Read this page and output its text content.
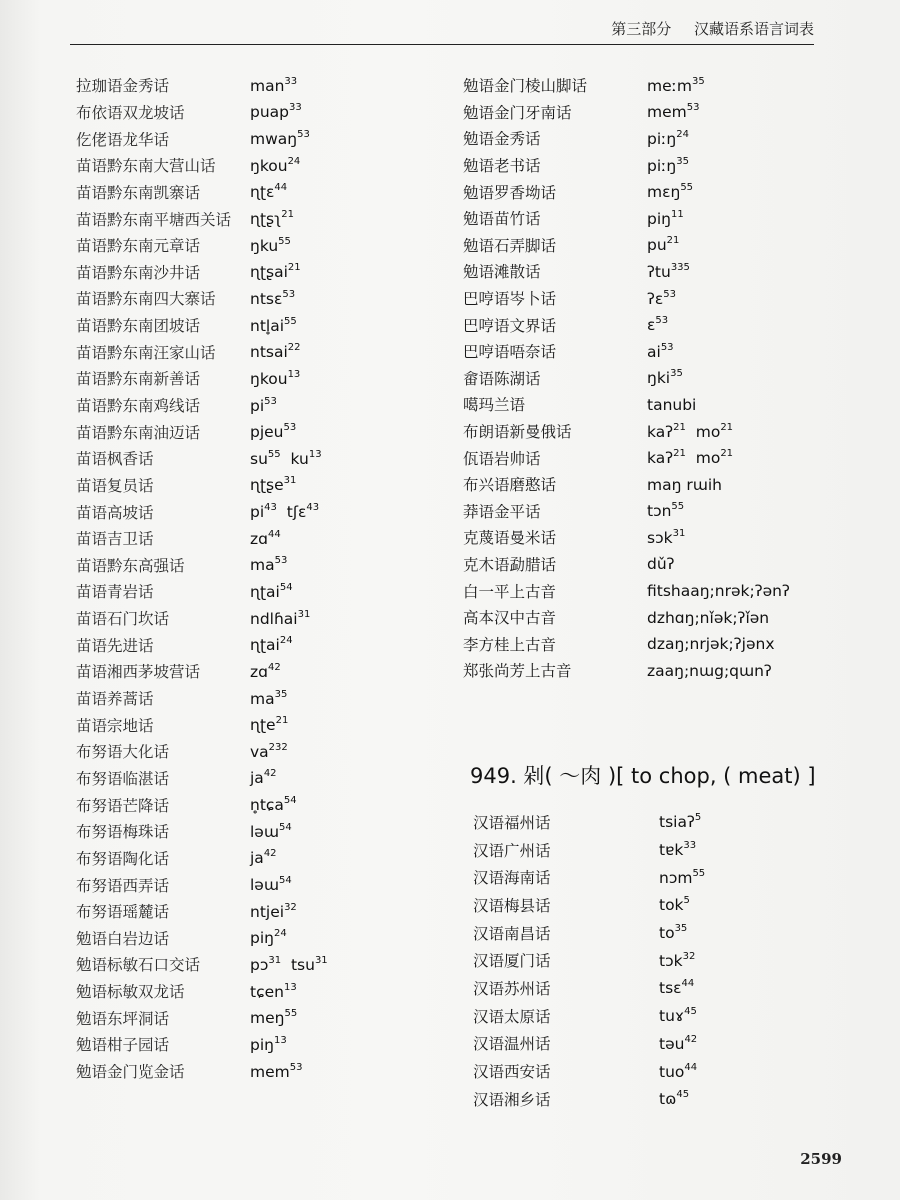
第三部分 汉藏语系语言词表
拉珈语金秀话	man$^{33}$
布依语双龙坡话	puap$^{33}$
仡佬语龙华话	mwaŋ$^{53}$
苗语黔东南大营山话	ŋkou$^{24}$
苗语黔东南凯寨话	ɳʈɛ$^{44}$
苗语黔东南平塘西关话	ɳʈʂʅ$^{21}$
苗语黔东南元章话	ŋku$^{55}$
苗语黔东南沙井话	ɳʈʂai$^{21}$
苗语黔东南四大寨话	ntsɛ$^{53}$
苗语黔东南团坡话	$ntl̥ai^{55}$
苗语黔东南汪家山话	ntsai$^{22}$
苗语黔东南新善话	ŋkou$^{13}$
苗语黔东南鸡线话	$pi^{53}$
苗语黔东南油迈话	pjeu$^{53}$
苗语枫香话	$su^{55}$ $ku^{13}$
苗语复员话	ɳʈʂe$^{31}$
苗语高坡话	$pi^{43}$ tʃɛ$^{43}$
苗语吉卫话	zɑ$^{44}$
苗语黔东高强话	$ma^{53}$
苗语青岩话	ɳʈai$^{54}$
苗语石门坎话	ndlɦai$^{31}$
苗语先进话	ɳʈai$^{24}$
苗语湘西茅坡营话	zɑ$^{42}$
苗语养蒿话	$ma^{35}$
苗语宗地话	ɳʈe$^{21}$
布努语大化话	$va^{232}$
布努语临湛话	$ja^{42}$
布努语芒降话	n̥tɕa$^{54}$
布努语梅珠话	ləɯ$^{54}$
布努语陶化话	$ja^{42}$
布努语西弄话	ləɯ$^{54}$
布努语瑶麓话	ntjei$^{32}$
勉语白岩边话	piŋ$^{24}$
勉语标敏石口交话	pɔ$^{31}$ tsu$^{31}$
勉语标敏双龙话	tɕen$^{13}$
勉语东坪洞话	meŋ$^{55}$
勉语柑子园话	piŋ$^{13}$
勉语金门览金话	mem$^{53}$
勉语金门棱山脚话	meːm$^{35}$
勉语金门牙南话	mem$^{53}$
勉语金秀话	piːŋ$^{24}$
勉语老书话	piːŋ$^{35}$
勉语罗香坳话	mɛŋ$^{55}$
勉语苗竹话	piŋ$^{11}$
勉语石弄脚话	$pu^{21}$
勉语滩散话	ʔtu$^{335}$
巴哼语岑卜话	ʔɛ$^{53}$
巴哼语文界话	ɛ$^{53}$
巴哼语唔奈话	$ai^{53}$
畲语陈湖话	ŋki$^{35}$
噶玛兰语	tanubi
布朗语新曼俄话	kaʔ$^{21}$ $mo^{21}$
佤语岩帅话	kaʔ$^{21}$ $mo^{21}$
布兴语磨憨话	maŋ rɯih
莽语金平话	tɔn$^{55}$
克蔑语曼米话	sɔk$^{31}$
克木语勐腊话	dǔʔ
白一平上古音	fitshaaŋ;nrək;ʔənʔ
高本汉中古音	dzhɑŋ;nǐək;ʔǐən
李方桂上古音	dzaŋ;nrjək;ʔjənx
郑张尚芳上古音	zaaŋ;nɯg;qɯnʔ
949. 剁( ～肉 )[ to chop, ( meat) ]
汉语福州话	tsiaʔ$^5$
汉语广州话	tɐk$^{33}$
汉语海南话	nɔm$^{55}$
汉语梅县话	tok$^5$
汉语南昌话	$to^{35}$
汉语厦门话	tɔk$^{32}$
汉语苏州话	tsɛ$^{44}$
汉语太原话	tuɤ$^{45}$
汉语温州话	təu$^{42}$
汉语西安话	tuo$^{44}$
汉语湘乡话	tɷ$^{45}$
2599
